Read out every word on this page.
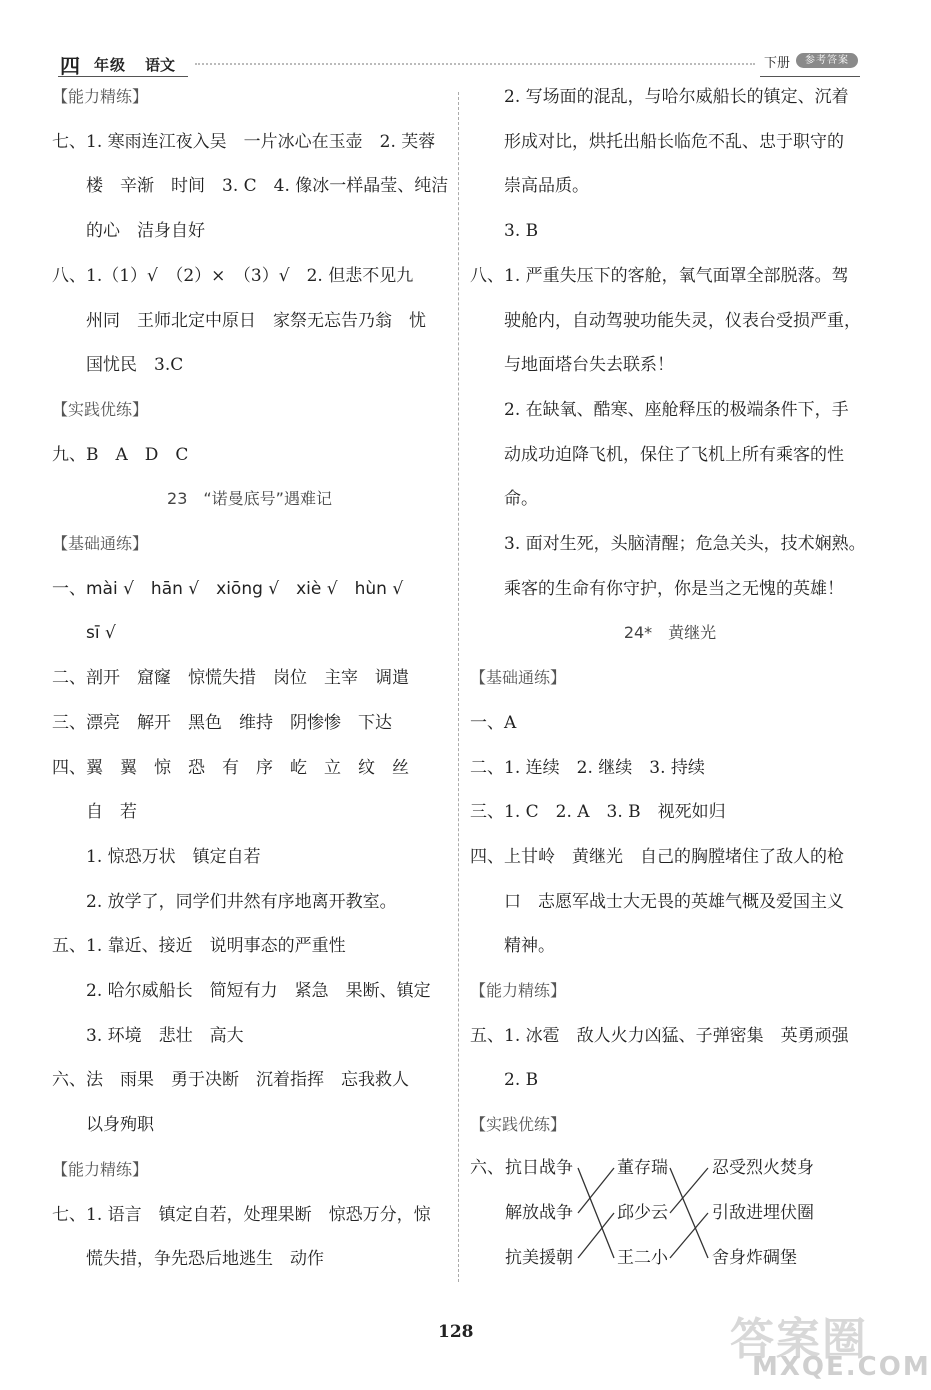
四 年级 语文	下册	参考答案
【能力精练】
七、1. 寒雨连江夜入吴　一片冰心在玉壶　2. 芙蓉
　　楼　辛渐　时间　3. C　4. 像冰一样晶莹、纯洁
　　的心　洁身自好
八、1.（1）√　（2）×　（3）√　2. 但悲不见九
　　州同　王师北定中原日　家祭无忘告乃翁　忧
　　国忧民　3.C
【实践优练】
九、B　A　D　C
23　“诺曼底号”遇难记
【基础通练】
一、mài √　hān √　xiōng √　xiè √　hùn √
　　sī √
二、剖开　窟窿　惊慌失措　岗位　主宰　调遣
三、漂亮　解开　黑色　维持　阴惨惨　下达
四、翼　翼　惊　恐　有　序　屹　立　纹　丝
　　自　若
　　1. 惊恐万状　镇定自若
　　2. 放学了，同学们井然有序地离开教室。
五、1. 靠近、接近　说明事态的严重性
　　2. 哈尔威船长　简短有力　紧急　果断、镇定
　　3. 环境　悲壮　高大
六、法　雨果　勇于决断　沉着指挥　忘我救人
　　以身殉职
【能力精练】
七、1. 语言　镇定自若，处理果断　惊恐万分，惊
　　慌失措，争先恐后地逃生　动作
　　2. 写场面的混乱，与哈尔威船长的镇定、沉着
　　形成对比，烘托出船长临危不乱、忠于职守的
　　崇高品质。
　　3. B
八、1. 严重失压下的客舱，氧气面罩全部脱落。驾
　　驶舱内，自动驾驶功能失灵，仪表台受损严重，
　　与地面塔台失去联系！
　　2. 在缺氧、酷寒、座舱释压的极端条件下，手
　　动成功迫降飞机，保住了飞机上所有乘客的性
　　命。
　　3. 面对生死，头脑清醒；危急关头，技术娴熟。
　　乘客的生命有你守护，你是当之无愧的英雄！
24*　黄继光
【基础通练】
一、A
二、1. 连续　2. 继续　3. 持续
三、1. C　2. A　3. B　视死如归
四、上甘岭　黄继光　自己的胸膛堵住了敌人的枪
　　口　志愿军战士大无畏的英雄气概及爱国主义
　　精神。
【能力精练】
五、1. 冰雹　敌人火力凶猛、子弹密集　英勇顽强
　　2. B
【实践优练】
六、 抗日战争
解放战争
抗美援朝
董存瑞
邱少云
王二小
忍受烈火焚身
引敌进埋伏圈
舍身炸碉堡
128	答案圈
MXQE.COM
